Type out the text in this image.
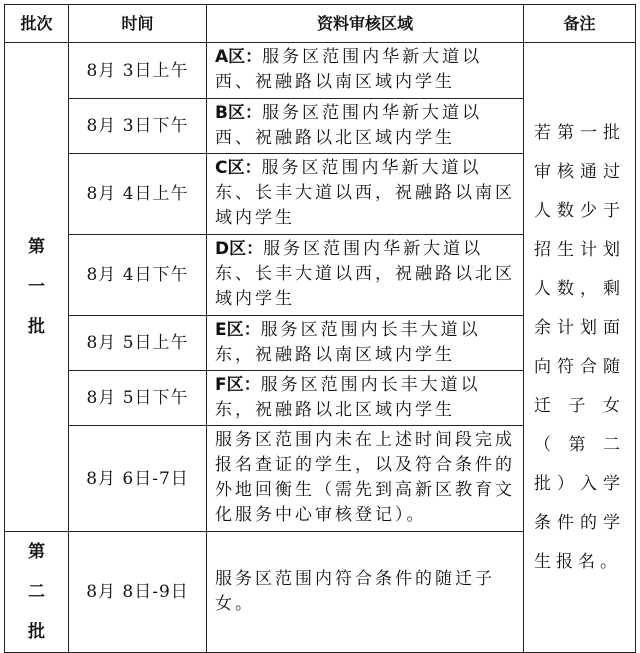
批次	时间	资料审核区域	备注

第
一
批	8月 3日上午	A区：服务区范围内华新大道以西、祝融路以南区域内学生	若第一批审核通过人数少于招生计划人数，剩余计划面向符合随迁子女（第二批）入学条件的学生报名。
	8月 3日下午	B区：服务区范围内华新大道以西、祝融路以北区域内学生	
	8月 4日上午	C区：服务区范围内华新大道以东、长丰大道以西，祝融路以南区域内学生	
	8月 4日下午	D区：服务区范围内华新大道以东、长丰大道以西，祝融路以北区域内学生	
	8月 5日上午	E区：服务区范围内长丰大道以东，祝融路以南区域内学生	
	8月 5日下午	F区：服务区范围内长丰大道以东，祝融路以北区域内学生	
	8月 6日-7日	服务区范围内未在上述时间段完成报名查证的学生，以及符合条件的外地回衡生（需先到高新区教育文化服务中心审核登记）。	

第
二
批	8月 8日-9日	服务区范围内符合条件的随迁子女。	
